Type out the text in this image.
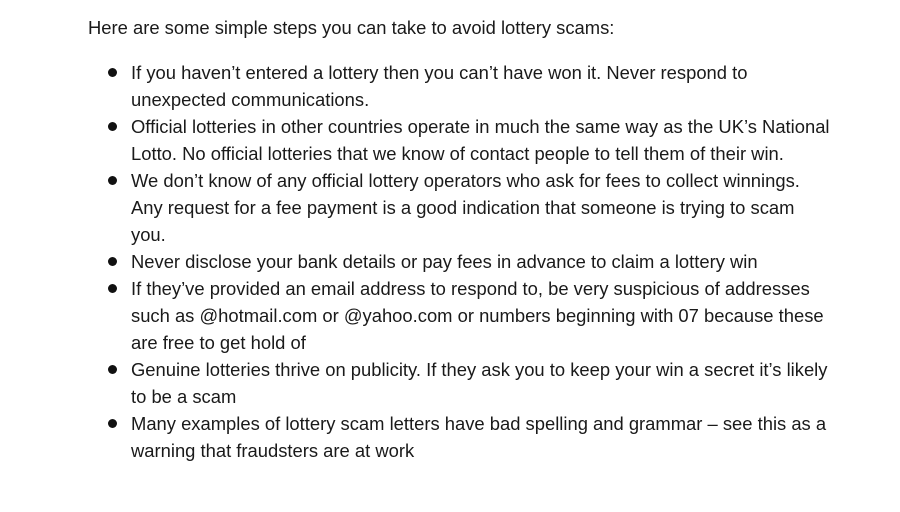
Here are some simple steps you can take to avoid lottery scams:

If you haven’t entered a lottery then you can’t have won it. Never respond to unexpected communications.
Official lotteries in other countries operate in much the same way as the UK’s National Lotto. No official lotteries that we know of contact people to tell them of their win.
We don’t know of any official lottery operators who ask for fees to collect winnings. Any request for a fee payment is a good indication that someone is trying to scam you.
Never disclose your bank details or pay fees in advance to claim a lottery win
If they’ve provided an email address to respond to, be very suspicious of addresses such as @hotmail.com or @yahoo.com or numbers beginning with 07 because these are free to get hold of
Genuine lotteries thrive on publicity. If they ask you to keep your win a secret it’s likely to be a scam
Many examples of lottery scam letters have bad spelling and grammar – see this as a warning that fraudsters are at work
